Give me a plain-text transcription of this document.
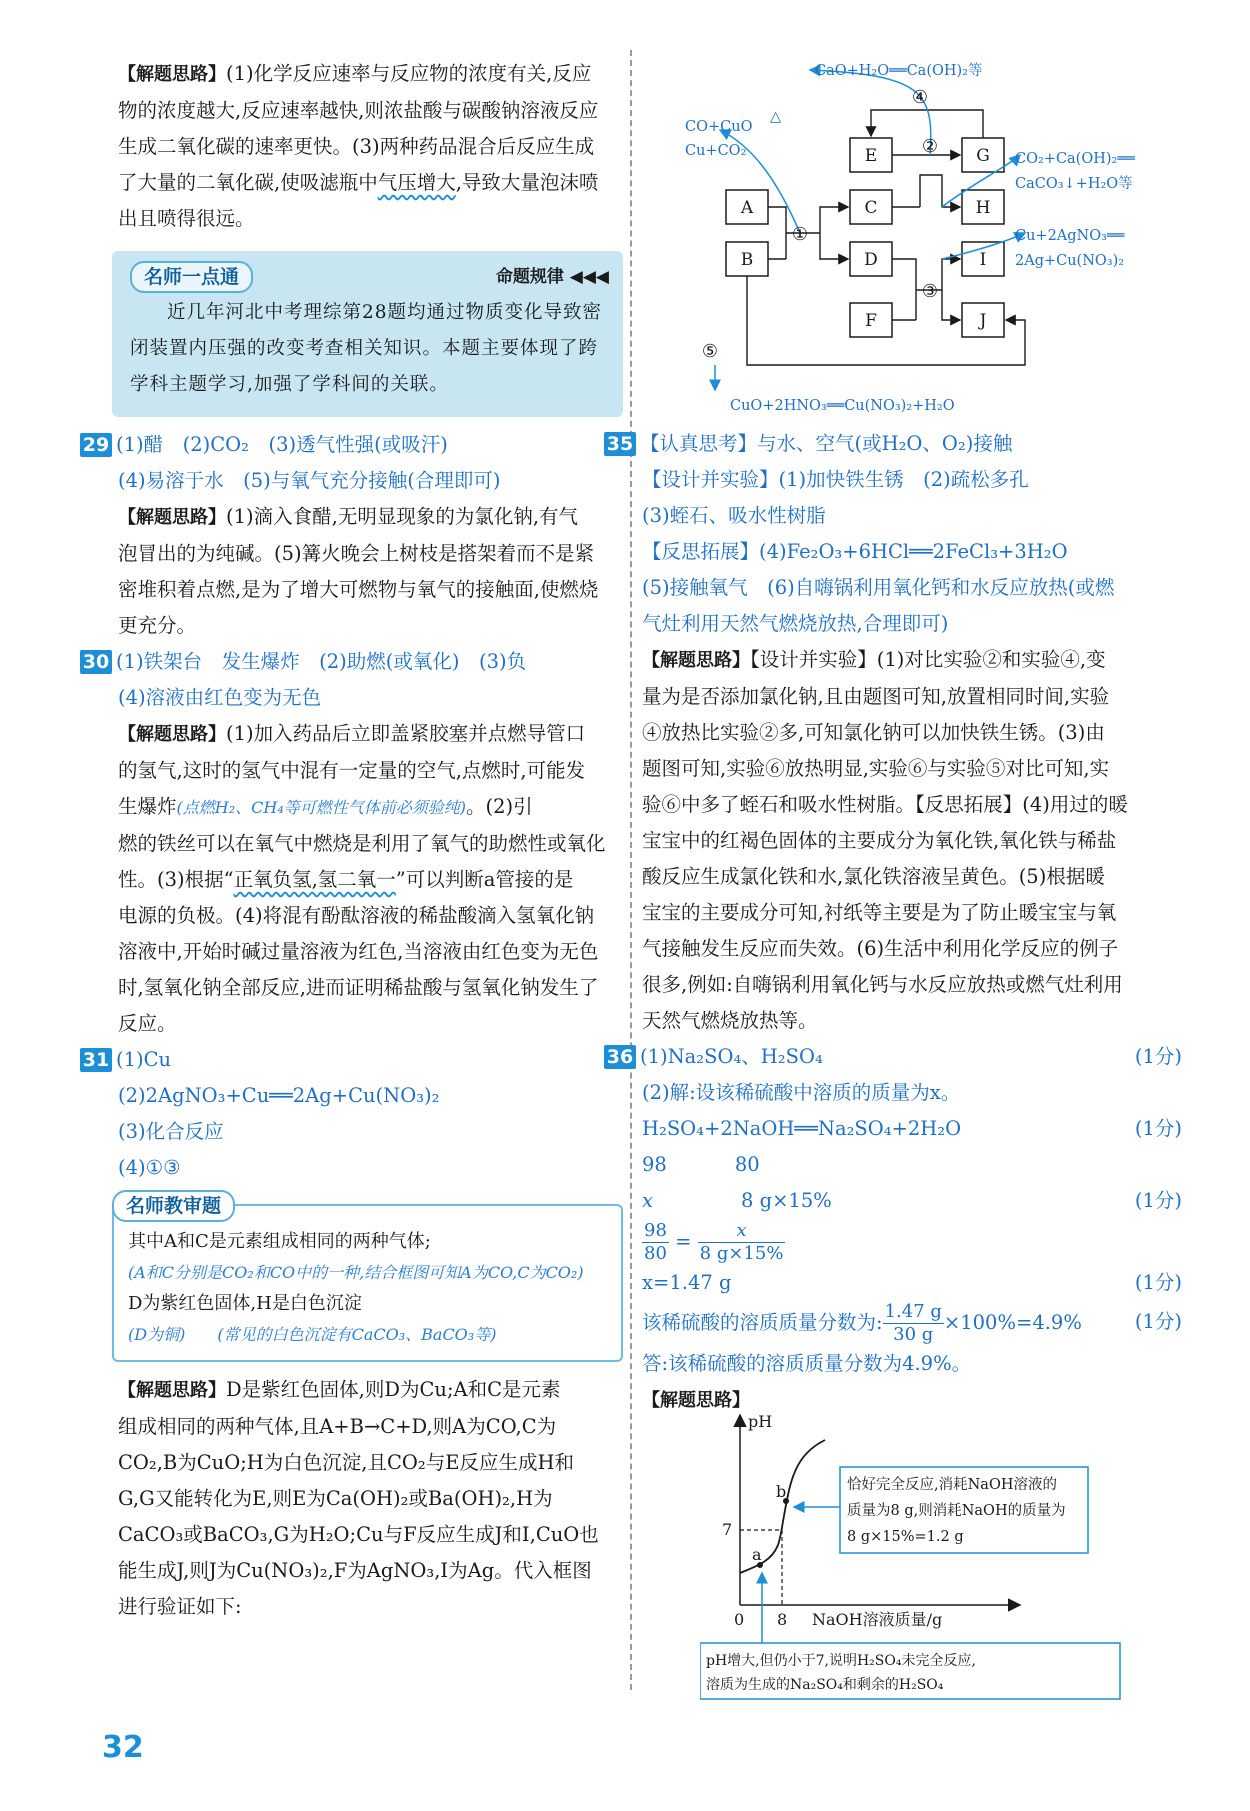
【解题思路】(1)化学反应速率与反应物的浓度有关,反应

物的浓度越大,反应速率越快,则浓盐酸与碳酸钠溶液反应

生成二氧化碳的速率更快。(3)两种药品混合后反应生成

了大量的二氧化碳,使吸滤瓶中气压增大,导致大量泡沫喷

出且喷得很远。

名师一点通	命题规律 ◀◀◀
近几年河北中考理综第28题均通过物质变化导致密闭装置内压强的改变考查相关知识。本题主要体现了跨学科主题学习,加强了学科间的关联。

29 (1)醋　(2)CO₂　(3)透气性强(或吸汗)

(4)易溶于水　(5)与氧气充分接触(合理即可)

【解题思路】(1)滴入食醋,无明显现象的为氯化钠,有气

泡冒出的为纯碱。(5)篝火晚会上树枝是搭架着而不是紧

密堆积着点燃,是为了增大可燃物与氧气的接触面,使燃烧

更充分。

30 (1)铁架台　发生爆炸　(2)助燃(或氧化)　(3)负

(4)溶液由红色变为无色

【解题思路】(1)加入药品后立即盖紧胶塞并点燃导管口

的氢气,这时的氢气中混有一定量的空气,点燃时,可能发

生爆炸(点燃H₂、CH₄等可燃性气体前必须验纯)。(2)引

燃的铁丝可以在氧气中燃烧是利用了氧气的助燃性或氧化

性。(3)根据“正氧负氢,氢二氧一”可以判断a管接的是

电源的负极。(4)将混有酚酞溶液的稀盐酸滴入氢氧化钠

溶液中,开始时碱过量溶液为红色,当溶液由红色变为无色

时,氢氧化钠全部反应,进而证明稀盐酸与氢氧化钠发生了

反应。

31 (1)Cu

(2)2AgNO₃+Cu══2Ag+Cu(NO₃)₂

(3)化合反应

(4)①③

名师教审题
其中A和C是元素组成相同的两种气体;
(A和C分别是CO₂和CO中的一种,结合框图可知A为CO,C为CO₂)
D为紫红色固体,H是白色沉淀
(D为铜)　　 (常见的白色沉淀有CaCO₃、BaCO₃等)

【解题思路】D是紫红色固体,则D为Cu;A和C是元素

组成相同的两种气体,且A+B→C+D,则A为CO,C为

CO₂,B为CuO;H为白色沉淀,且CO₂与E反应生成H和

G,G又能转化为E,则E为Ca(OH)₂或Ba(OH)₂,H为

CaCO₃或BaCO₃,G为H₂O;Cu与F反应生成J和I,CuO也

能生成J,则J为Cu(NO₃)₂,F为AgNO₃,I为Ag。代入框图

进行验证如下:

A
B
C
D
E
F
G
H
I
J
①
②
③
④
⑤
CO+CuO
△
Cu+CO₂	CO₂+Ca(OH)₂══
CaCO₃↓+H₂O等
Cu+2AgNO₃══
2Ag+Cu(NO₃)₂
CaO+H₂O══Ca(OH)₂等
CuO+2HNO₃══Cu(NO₃)₂+H₂O

35 【认真思考】与水、空气(或H₂O、O₂)接触

【设计并实验】(1)加快铁生锈　(2)疏松多孔

(3)蛭石、吸水性树脂

【反思拓展】(4)Fe₂O₃+6HCl══2FeCl₃+3H₂O

(5)接触氧气　(6)自嗨锅利用氧化钙和水反应放热(或燃

气灶利用天然气燃烧放热,合理即可)

【解题思路】【设计并实验】(1)对比实验②和实验④,变

量为是否添加氯化钠,且由题图可知,放置相同时间,实验

④放热比实验②多,可知氯化钠可以加快铁生锈。(3)由

题图可知,实验⑥放热明显,实验⑥与实验⑤对比可知,实

验⑥中多了蛭石和吸水性树脂。【反思拓展】(4)用过的暖

宝宝中的红褐色固体的主要成分为氧化铁,氧化铁与稀盐

酸反应生成氯化铁和水,氯化铁溶液呈黄色。(5)根据暖

宝宝的主要成分可知,衬纸等主要是为了防止暖宝宝与氧

气接触发生反应而失效。(6)生活中利用化学反应的例子

很多,例如:自嗨锅利用氧化钙与水反应放热或燃气灶利用

天然气燃烧放热等。

36 (1)Na₂SO₄、H₂SO₄	(1分)

(2)解:设该稀硫酸中溶质的质量为x。

H₂SO₄+2NaOH══Na₂SO₄+2H₂O	(1分)

98	80

x	8 g×15%	(1分)

$\frac{98}{80} = \frac{x}{8 g\times 15\%}$

x=1.47 g	(1分)

该稀硫酸的溶质质量分数为: $\frac{1.47 g}{30 g} \times 100\%=4.9\%$	(1分)

答:该稀硫酸的溶质质量分数为4.9%。

【解题思路】

pH
7
0 8
a
b
NaOH溶液质量/g
恰好完全反应,消耗NaOH溶液的
质量为8 g,则消耗NaOH的质量为
8 g×15%=1.2 g
pH增大,但仍小于7,说明H₂SO₄未完全反应,
溶质为生成的Na₂SO₄和剩余的H₂SO₄
32
